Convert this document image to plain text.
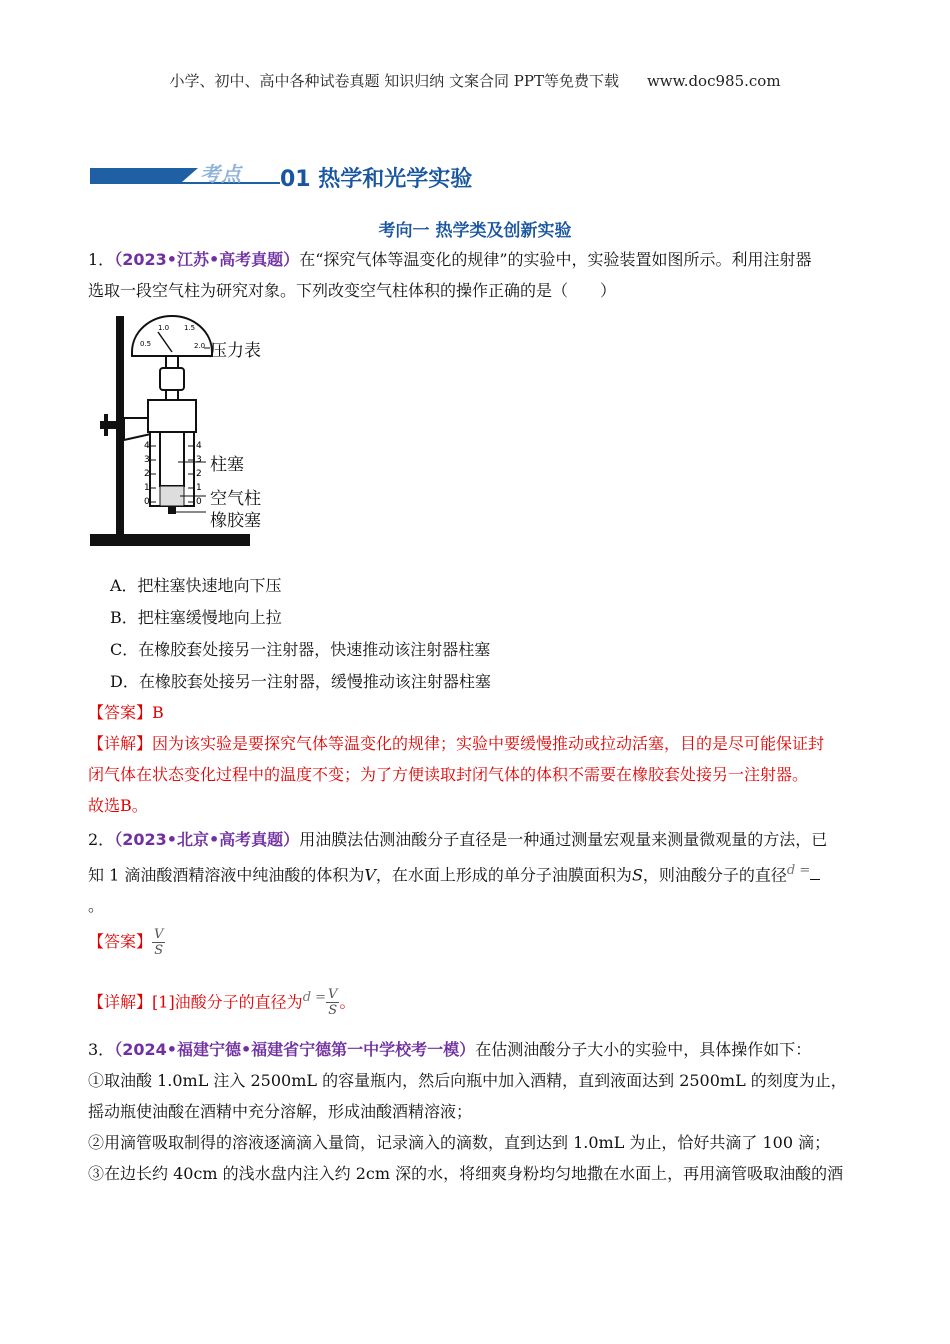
小学、初中、高中各种试卷真题 知识归纳 文案合同 PPT等免费下载 www.doc985.com
考点 01 热学和光学实验
考向一 热学类及创新实验
1．（2023•江苏•高考真题）在“探究气体等温变化的规律”的实验中，实验装置如图所示。利用注射器
选取一段空气柱为研究对象。下列改变空气柱体积的操作正确的是（　　）
0.5
1.0 1.5
2.0
4
3
2
1
0
4
3
2
1
0
压力表
柱塞
空气柱
橡胶塞
A．把柱塞快速地向下压
B．把柱塞缓慢地向上拉
C．在橡胶套处接另一注射器，快速推动该注射器柱塞
D．在橡胶套处接另一注射器，缓慢推动该注射器柱塞
【答案】B
【详解】因为该实验是要探究气体等温变化的规律；实验中要缓慢推动或拉动活塞，目的是尽可能保证封
闭气体在状态变化过程中的温度不变；为了方便读取封闭气体的体积不需要在橡胶套处接另一注射器。
故选B。
2．（2023•北京•高考真题）用油膜法估测油酸分子直径是一种通过测量宏观量来测量微观量的方法，已
知 1 滴油酸酒精溶液中纯油酸的体积为V，在水面上形成的单分子油膜面积为S，则油酸分子的直径$^{d =}$
。
【答案】 $\frac{V}{S}$
【详解】[1]油酸分子的直径为$^{d =} \frac{V}{S}$ 。
3．（2024•福建宁德•福建省宁德第一中学校考一模）在估测油酸分子大小的实验中，具体操作如下：
①取油酸 1.0mL 注入 2500mL 的容量瓶内，然后向瓶中加入酒精，直到液面达到 2500mL 的刻度为止，
摇动瓶使油酸在酒精中充分溶解，形成油酸酒精溶液；
②用滴管吸取制得的溶液逐滴滴入量筒，记录滴入的滴数，直到达到 1.0mL 为止，恰好共滴了 100 滴；
③在边长约 40cm 的浅水盘内注入约 2cm 深的水，将细爽身粉均匀地撒在水面上，再用滴管吸取油酸的酒
